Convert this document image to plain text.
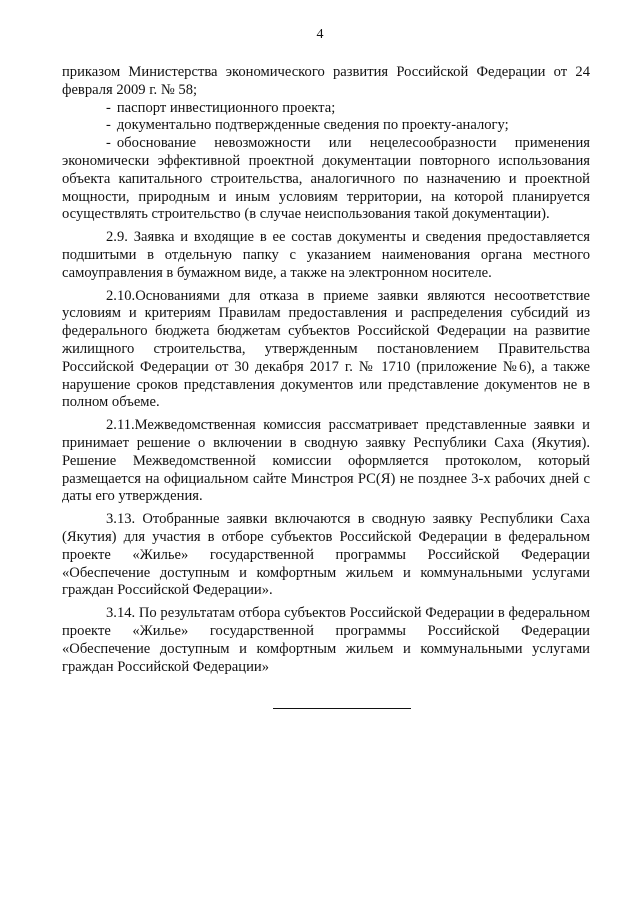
4

приказом Министерства экономического развития Российской Федерации от 24 февраля 2009 г. № 58;

- паспорт инвестиционного проекта;
- документально подтвержденные сведения по проекту-аналогу;
- обоснование невозможности или нецелесообразности применения экономически эффективной проектной документации повторного использования объекта капитального строительства, аналогичного по назначению и проектной мощности, природным и иным условиям территории, на которой планируется осуществлять строительство (в случае неиспользования такой документации).

2.9. Заявка и входящие в ее состав документы и сведения предоставляется подшитыми в отдельную папку с указанием наименования органа местного самоуправления в бумажном виде, а также на электронном носителе.

2.10.Основаниями для отказа в приеме заявки являются несоответствие условиям и критериям Правилам предоставления и распределения субсидий из федерального бюджета бюджетам субъектов Российской Федерации на развитие жилищного строительства, утвержденным постановлением Правительства Российской Федерации от 30 декабря 2017 г. № 1710 (приложение №6), а также нарушение сроков представления документов или представление документов не в полном объеме.

2.11.Межведомственная комиссия рассматривает представленные заявки и принимает решение о включении в сводную заявку Республики Саха (Якутия). Решение Межведомственной комиссии оформляется протоколом, который размещается на официальном сайте Минстроя РС(Я) не позднее 3-х рабочих дней с даты его утверждения.

3.13. Отобранные заявки включаются в сводную заявку Республики Саха (Якутия) для участия в отборе субъектов Российской Федерации в федеральном проекте «Жилье» государственной программы Российской Федерации «Обеспечение доступным и комфортным жильем и коммунальными услугами граждан Российской Федерации».

3.14. По результатам отбора субъектов Российской Федерации в федеральном проекте «Жилье» государственной программы Российской Федерации «Обеспечение доступным и комфортным жильем и коммунальными услугами граждан Российской Федерации»
